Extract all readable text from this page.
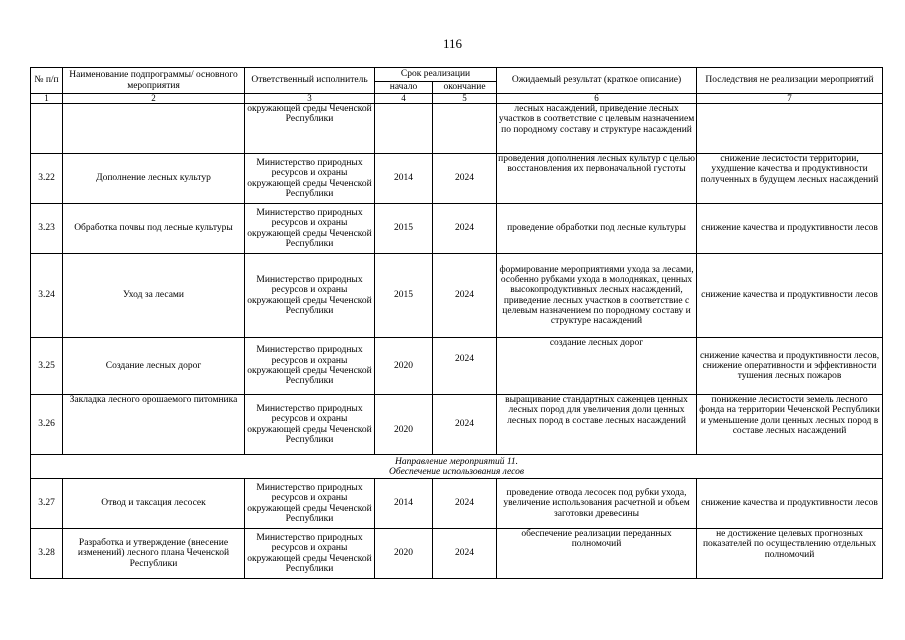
116
№ п/п	Наименование подпрограммы/ основного мероприятия	Ответственный исполнитель	Срок реализации		Ожидаемый результат (краткое описание)	Последствия не реализации мероприятий
			начало	окончание		
1	2	3	4	5	6	7
		окружающей среды Чеченской Республики			лесных насаждений, приведение лесных участков в соответствие с целевым назначением по породному составу и структуре насаждений	
3.22	Дополнение лесных культур	Министерство природных ресурсов и охраны окружающей среды Чеченской Республики	2014	2024	проведения дополнения лесных культур с целью восстановления их первоначальной густоты	снижение лесистости территории, ухудшение качества и продуктивности полученных в будущем лесных насаждений
3.23	Обработка почвы под лесные культуры	Министерство природных ресурсов и охраны окружающей среды Чеченской Республики	2015	2024	проведение обработки под лесные культуры	снижение качества и продуктивности лесов
3.24	Уход за лесами	Министерство природных ресурсов и охраны окружающей среды Чеченской Республики	2015	2024	формирование мероприятиями ухода за лесами, особенно рубками ухода в молодняках, ценных высокопродуктивных лесных насаждений, приведение лесных участков в соответствие с целевым назначением по породному составу и структуре насаждений	снижение качества и продуктивности лесов
3.25	Создание лесных дорог	Министерство природных ресурсов и охраны окружающей среды Чеченской Республики	2020	2024	создание лесных дорог	снижение качества и продуктивности лесов, снижение оперативности и эффективности тушения лесных пожаров
3.26	Закладка лесного орошаемого питомника	Министерство природных ресурсов и охраны окружающей среды Чеченской Республики	2020	2024	выращивание стандартных саженцев ценных лесных пород для увеличения доли ценных лесных пород в составе лесных насаждений	понижение лесистости земель лесного фонда на территории Чеченской Республики и уменьшение доли ценных лесных пород в составе лесных насаждений

Направление мероприятий 11.
Обеспечение использования лесов						

3.27	Отвод и таксация лесосек	Министерство природных ресурсов и охраны окружающей среды Чеченской Республики	2014	2024	проведение отвода лесосек под рубки ухода, увеличение использования расчетной и объем заготовки древесины	снижение качества и продуктивности лесов
3.28	Разработка и утверждение (внесение изменений) лесного плана Чеченской Республики	Министерство природных ресурсов и охраны окружающей среды Чеченской Республики	2020	2024	обеспечение реализации переданных полномочий	не достижение целевых прогнозных показателей по осуществлению отдельных полномочий
